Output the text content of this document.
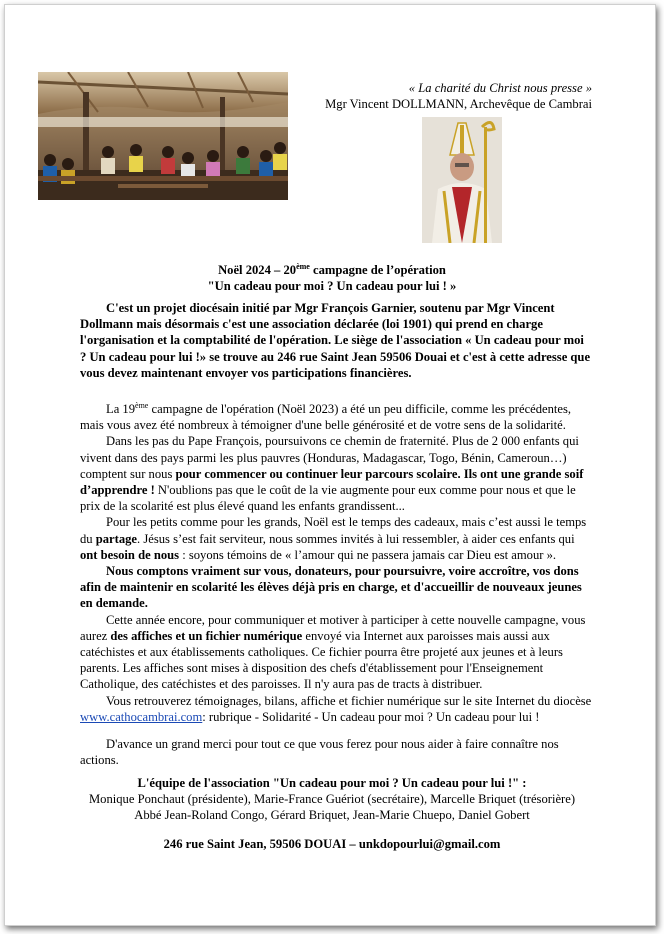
« La charité du Christ nous presse »
Mgr Vincent DOLLMANN, Archevêque de Cambrai
Noël 2024 – 20ème campagne de l’opération
"Un cadeau pour moi ? Un cadeau pour lui ! »

C'est un projet diocésain initié par Mgr François Garnier, soutenu par Mgr Vincent Dollmann mais désormais c'est une association déclarée (loi 1901) qui prend en charge l'organisation et la comptabilité de l'opération. Le siège de l'association « Un cadeau pour moi ? Un cadeau pour lui !» se trouve au 246 rue Saint Jean 59506 Douai et c'est à cette adresse que vous devez maintenant envoyer vos participations financières.

La 19ème campagne de l'opération (Noël 2023) a été un peu difficile, comme les précédentes, mais vous avez été nombreux à témoigner d'une belle générosité et de votre sens de la solidarité.

Dans les pas du Pape François, poursuivons ce chemin de fraternité. Plus de 2 000 enfants qui vivent dans des pays parmi les plus pauvres (Honduras, Madagascar, Togo, Bénin, Cameroun…) comptent sur nous pour commencer ou continuer leur parcours scolaire. Ils ont une grande soif d’apprendre ! N'oublions pas que le coût de la vie augmente pour eux comme pour nous et que le prix de la scolarité est plus élevé quand les enfants grandissent...

Pour les petits comme pour les grands, Noël est le temps des cadeaux, mais c’est aussi le temps du partage. Jésus s’est fait serviteur, nous sommes invités à lui ressembler, à aider ces enfants qui ont besoin de nous : soyons témoins de « l’amour qui ne passera jamais car Dieu est amour ».

Nous comptons vraiment sur vous, donateurs, pour poursuivre, voire accroître, vos dons afin de maintenir en scolarité les élèves déjà pris en charge, et d'accueillir de nouveaux jeunes en demande.

Cette année encore, pour communiquer et motiver à participer à cette nouvelle campagne, vous aurez des affiches et un fichier numérique envoyé via Internet aux paroisses mais aussi aux catéchistes et aux établissements catholiques. Ce fichier pourra être projeté aux jeunes et à leurs parents. Les affiches sont mises à disposition des chefs d'établissement pour l'Enseignement Catholique, des catéchistes et des paroisses. Il n'y aura pas de tracts à distribuer.

Vous retrouverez témoignages, bilans, affiche et fichier numérique sur le site Internet du diocèse www.cathocambrai.com: rubrique - Solidarité - Un cadeau pour moi ? Un cadeau pour lui !

D'avance un grand merci pour tout ce que vous ferez pour nous aider à faire connaître nos actions.

L'équipe de l'association "Un cadeau pour moi ? Un cadeau pour lui !" :
Monique Ponchaut (présidente), Marie-France Guériot (secrétaire), Marcelle Briquet (trésorière)
Abbé Jean-Roland Congo, Gérard Briquet, Jean-Marie Chuepo, Daniel Gobert
246 rue Saint Jean, 59506 DOUAI – unkdopourlui@gmail.com
